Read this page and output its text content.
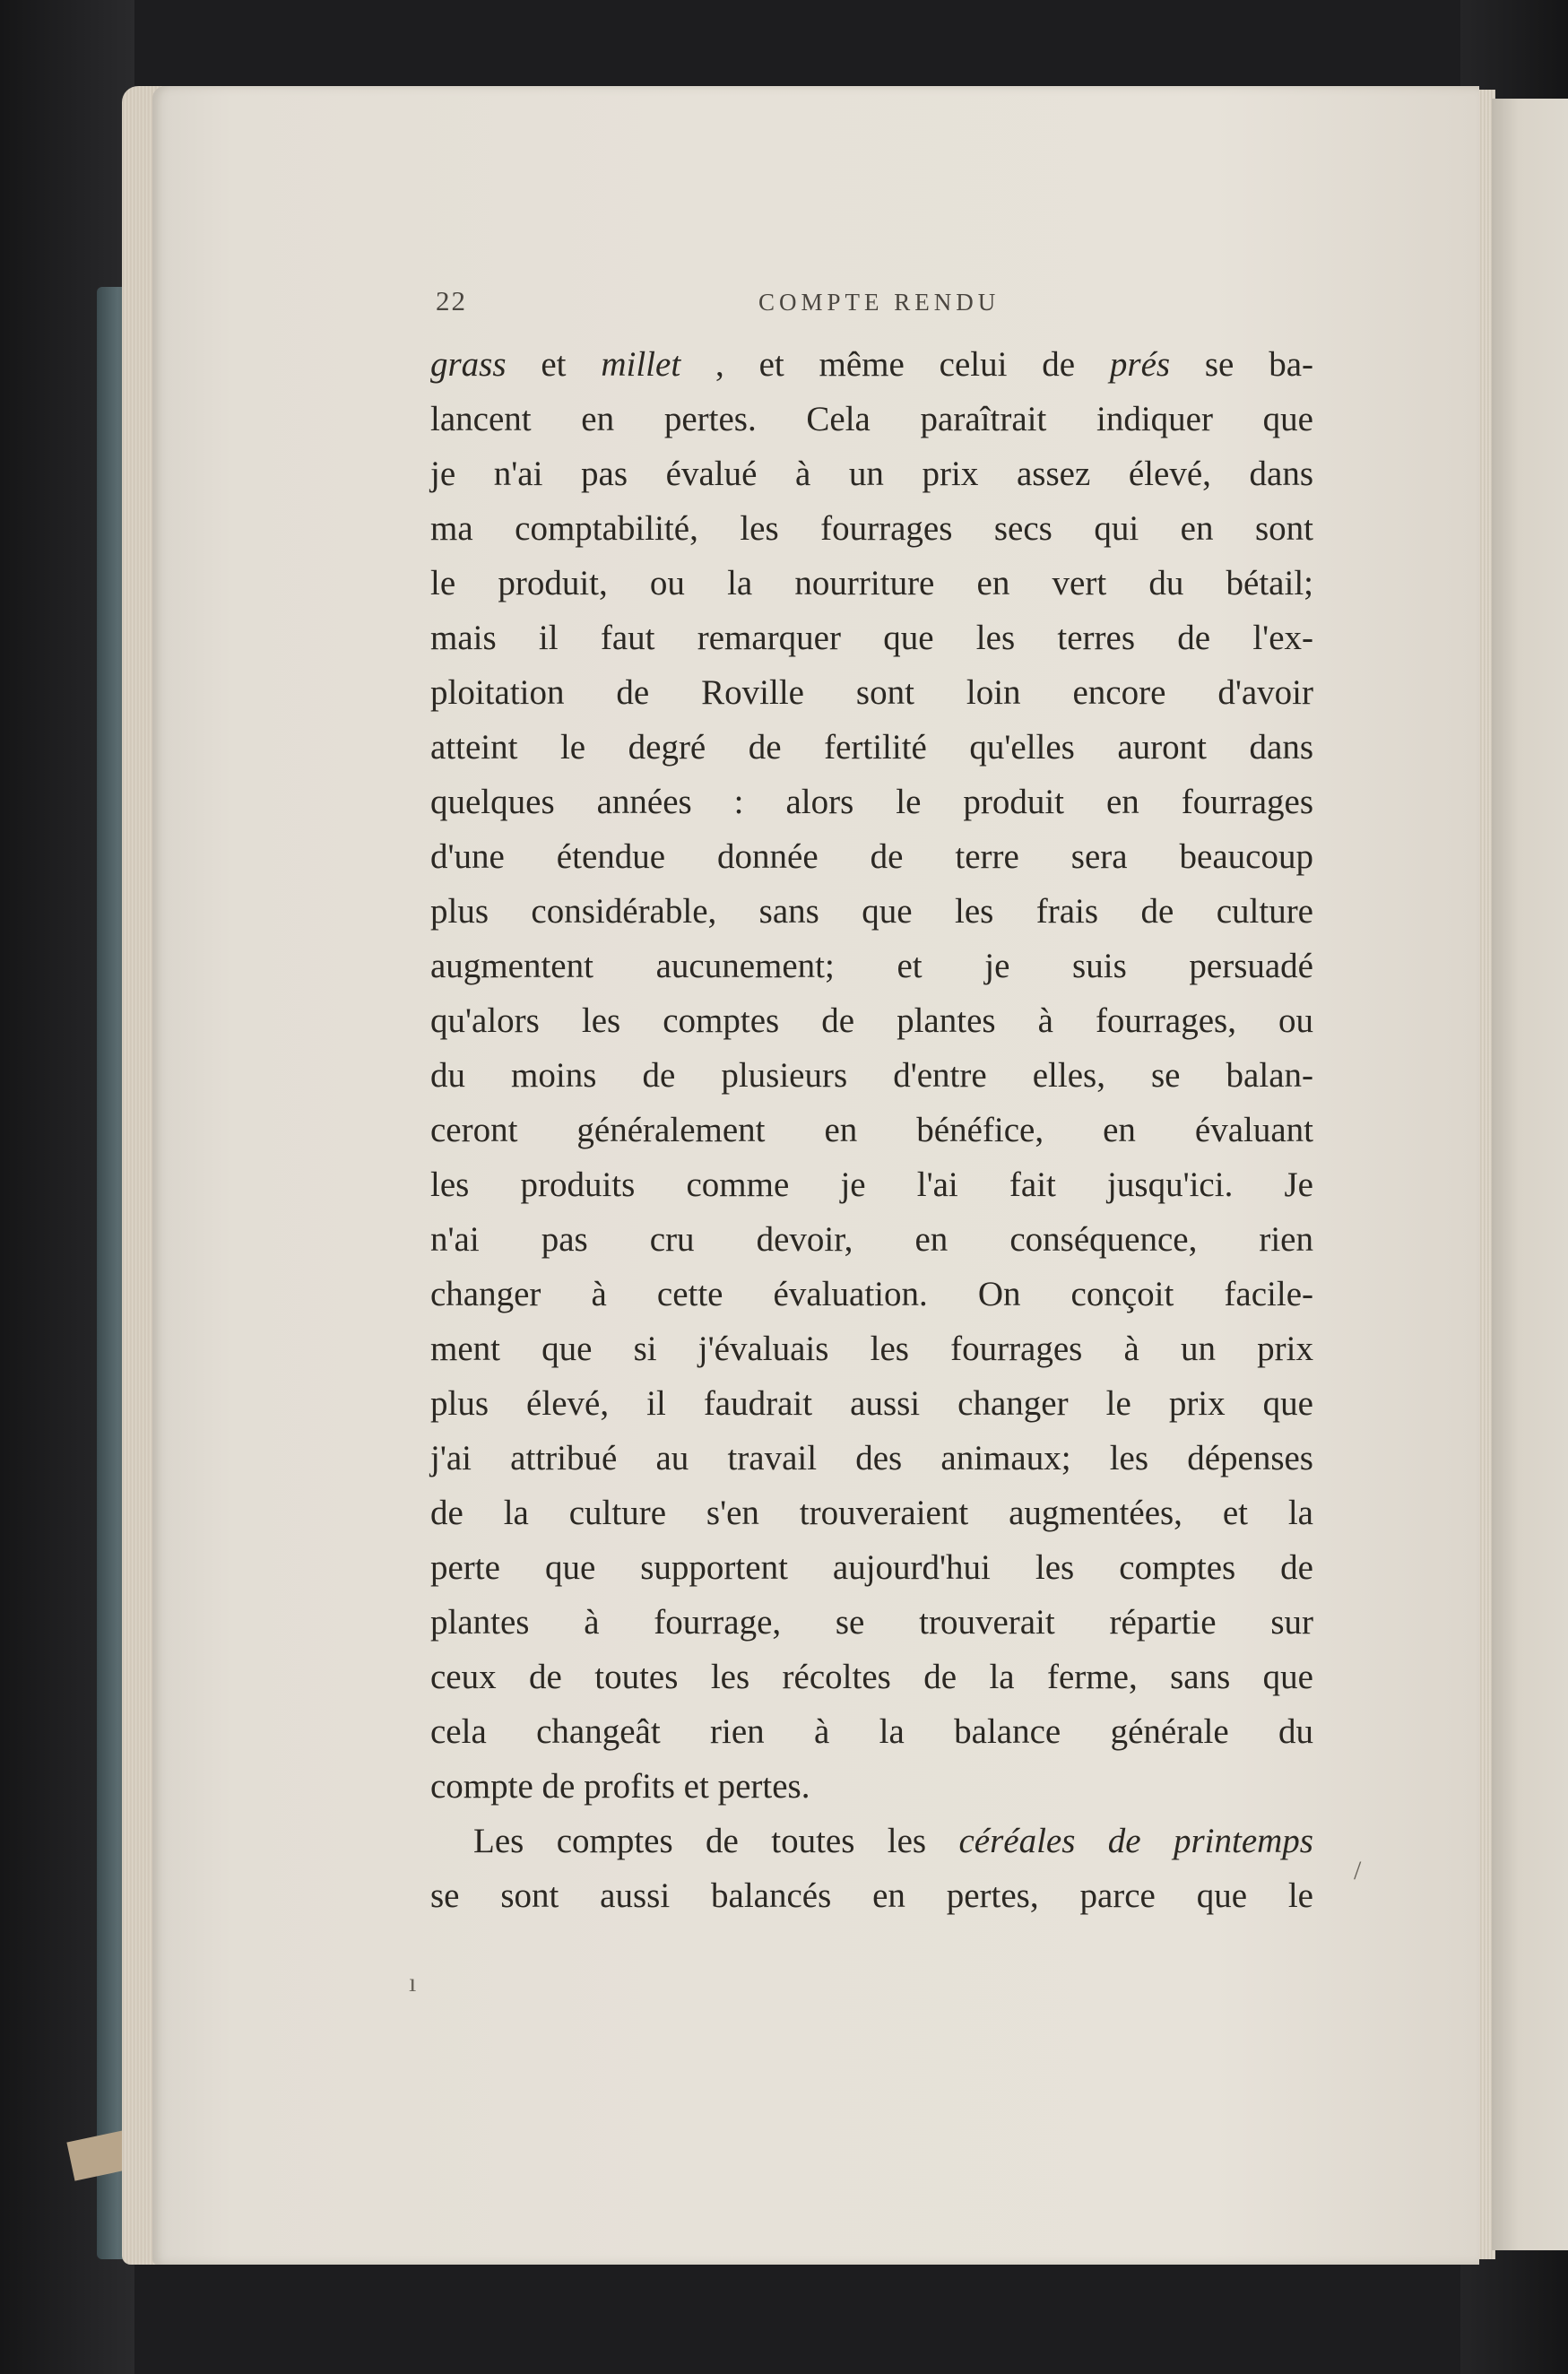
22	COMPTE RENDU
grass et millet , et même celui de prés se ba-
lancent en pertes. Cela paraîtrait indiquer que
je n'ai pas évalué à un prix assez élevé, dans
ma comptabilité, les fourrages secs qui en sont
le produit, ou la nourriture en vert du bétail;
mais il faut remarquer que les terres de l'ex-
ploitation de Roville sont loin encore d'avoir
atteint le degré de fertilité qu'elles auront dans
quelques années : alors le produit en fourrages
d'une étendue donnée de terre sera beaucoup
plus considérable, sans que les frais de culture
augmentent aucunement; et je suis persuadé
qu'alors les comptes de plantes à fourrages, ou
du moins de plusieurs d'entre elles, se balan-
ceront généralement en bénéfice, en évaluant
les produits comme je l'ai fait jusqu'ici. Je
n'ai pas cru devoir, en conséquence, rien
changer à cette évaluation. On conçoit facile-
ment que si j'évaluais les fourrages à un prix
plus élevé, il faudrait aussi changer le prix que
j'ai attribué au travail des animaux; les dépenses
de la culture s'en trouveraient augmentées, et la
perte que supportent aujourd'hui les comptes de
plantes à fourrage, se trouverait répartie sur
ceux de toutes les récoltes de la ferme, sans que
cela changeât rien à la balance générale du
compte de profits et pertes.
Les comptes de toutes les céréales de printemps
se sont aussi balancés en pertes, parce que le
ı
/
